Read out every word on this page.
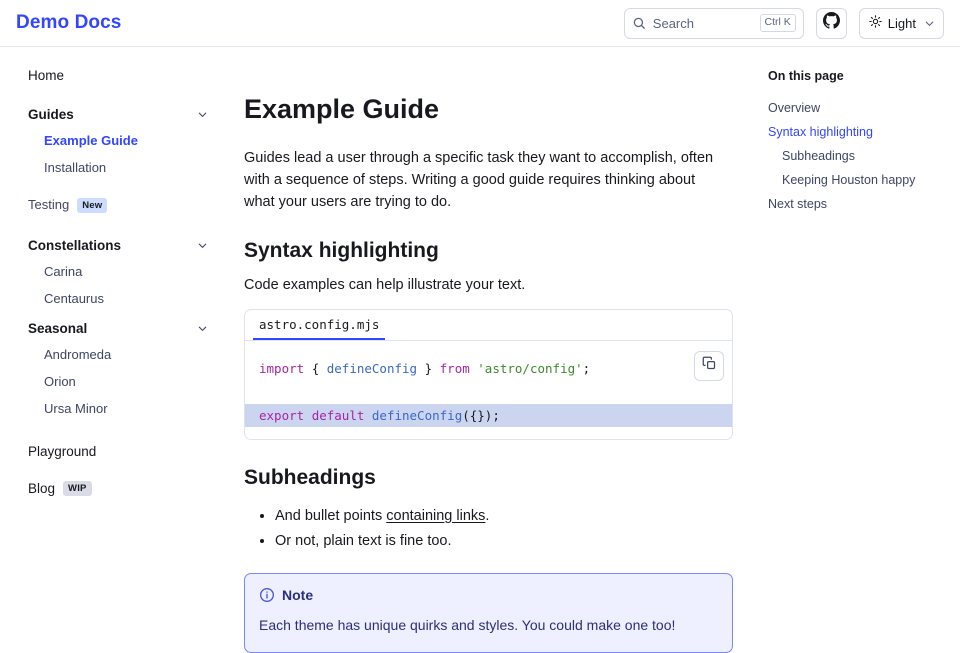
Demo Docs	Search	Ctrl K	Light
Home
Guides
Example Guide
Installation
Testing New
Constellations
Carina
Centaurus
Seasonal
Andromeda
Orion
Ursa Minor
Playground
Blog WIP
Example Guide

Guides lead a user through a specific task they want to accomplish, often with a sequence of steps. Writing a good guide requires thinking about what your users are trying to do.

Syntax highlighting

Code examples can help illustrate your text.

astro.config.mjs
import { defineConfig } from 'astro/config';

export default defineConfig({});
Subheadings
• And bullet points containing links.
• Or not, plain text is fine too.
Note
Each theme has unique quirks and styles. You could make one too!
On this page
Overview
Syntax highlighting
Subheadings
Keeping Houston happy
Next steps
